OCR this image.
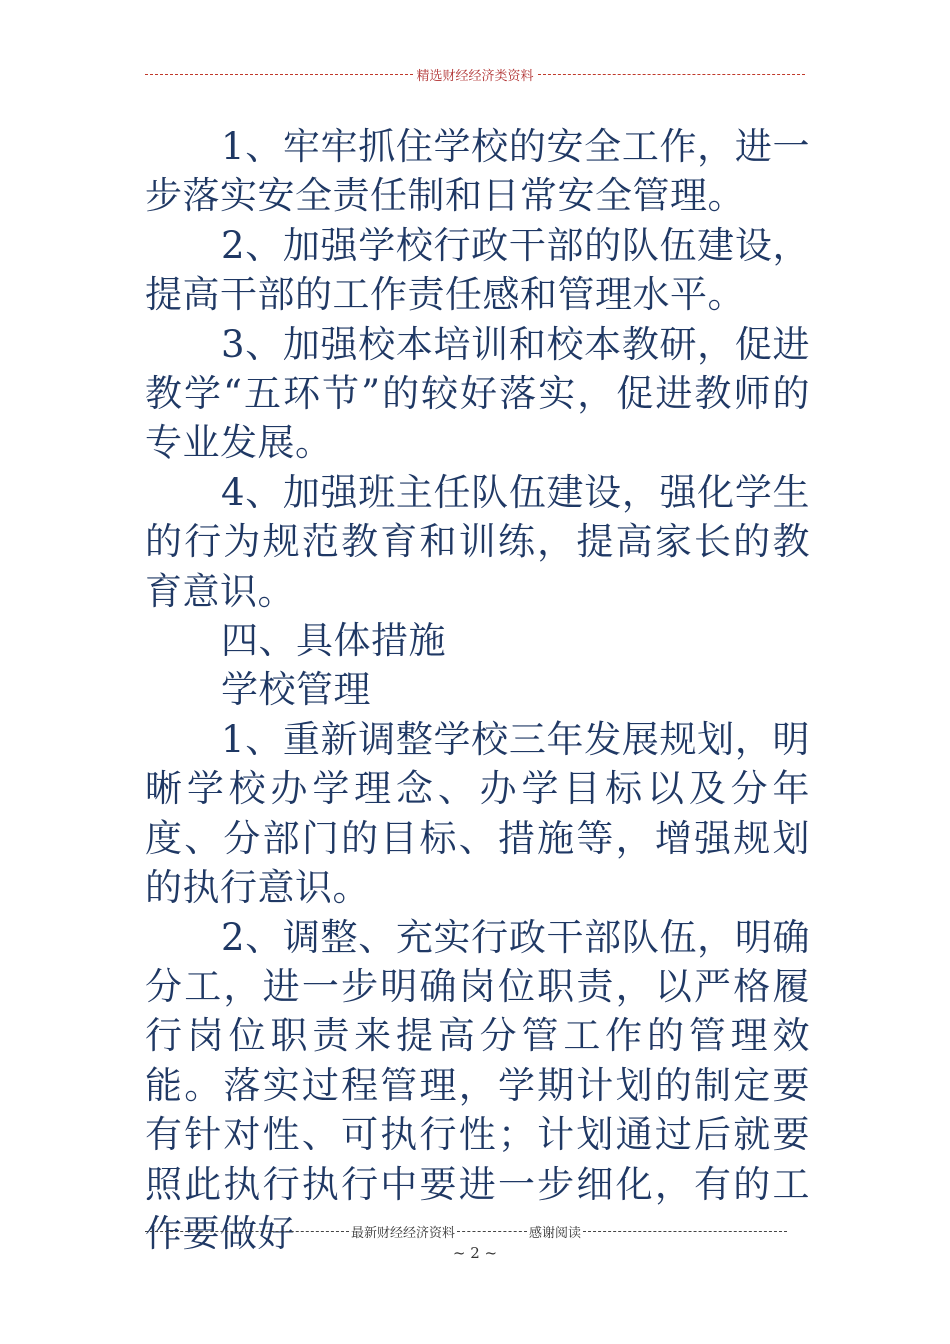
精选财经经济类资料

1、牢牢抓住学校的安全工作，进一步落实安全责任制和日常安全管理。

2、加强学校行政干部的队伍建设，提高干部的工作责任感和管理水平。

3、加强校本培训和校本教研，促进教学“五环节”的较好落实，促进教师的专业发展。

4、加强班主任队伍建设，强化学生的行为规范教育和训练，提高家长的教育意识。

四、具体措施

学校管理

1、重新调整学校三年发展规划，明晰学校办学理念、办学目标以及分年度、分部门的目标、措施等，增强规划的执行意识。

2、调整、充实行政干部队伍，明确分工，进一步明确岗位职责，以严格履行岗位职责来提高分管工作的管理效能。落实过程管理，学期计划的制定要有针对性、可执行性；计划通过后就要照此执行执行中要进一步细化，有的工作要做好	最新财经经济资料	感谢阅读
~ 2 ~
